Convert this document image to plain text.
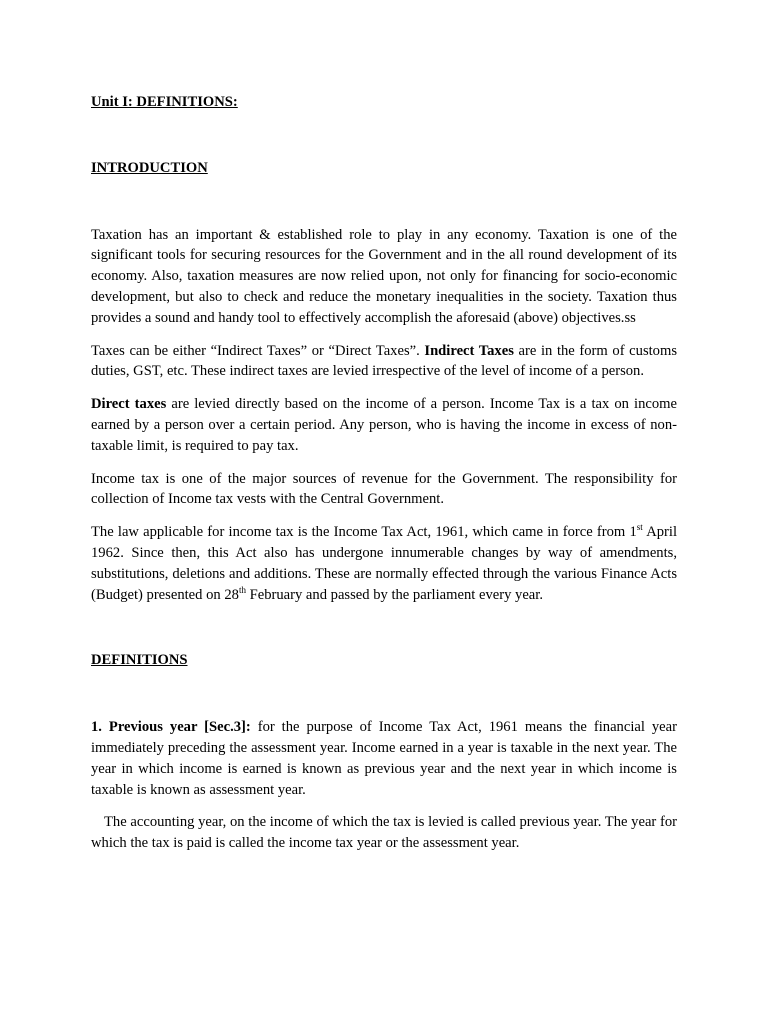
Unit I: DEFINITIONS:

INTRODUCTION

Taxation has an important & established role to play in any economy. Taxation is one of the significant tools for securing resources for the Government and in the all round development of its economy. Also, taxation measures are now relied upon, not only for financing for socio-economic development, but also to check and reduce the monetary inequalities in the society. Taxation thus provides a sound and handy tool to effectively accomplish the aforesaid (above) objectives.ss

Taxes can be either “Indirect Taxes” or “Direct Taxes”. Indirect Taxes are in the form of customs duties, GST, etc. These indirect taxes are levied irrespective of the level of income of a person.

Direct taxes are levied directly based on the income of a person. Income Tax is a tax on income earned by a person over a certain period. Any person, who is having the income in excess of non-taxable limit, is required to pay tax.

Income tax is one of the major sources of revenue for the Government. The responsibility for collection of Income tax vests with the Central Government.

The law applicable for income tax is the Income Tax Act, 1961, which came in force from 1st April 1962. Since then, this Act also has undergone innumerable changes by way of amendments, substitutions, deletions and additions. These are normally effected through the various Finance Acts (Budget) presented on 28th February and passed by the parliament every year.

DEFINITIONS

1. Previous year [Sec.3]: for the purpose of Income Tax Act, 1961 means the financial year immediately preceding the assessment year. Income earned in a year is taxable in the next year. The year in which income is earned is known as previous year and the next year in which income is taxable is known as assessment year.

The accounting year, on the income of which the tax is levied is called previous year. The year for which the tax is paid is called the income tax year or the assessment year.
